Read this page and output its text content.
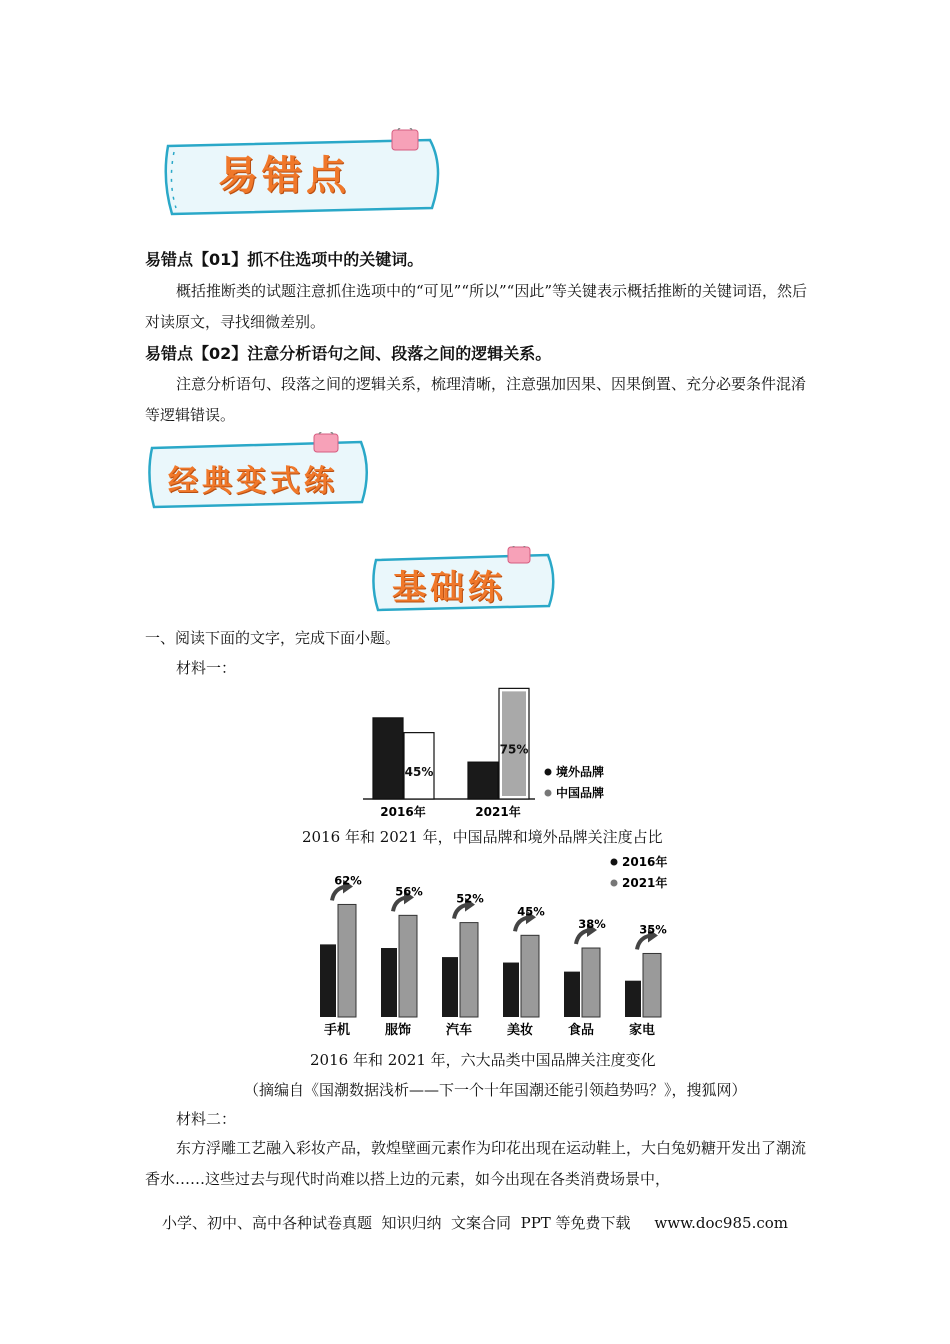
易错点
易错点【01】抓不住选项中的关键词。
概括推断类的试题注意抓住选项中的“可见”“所以”“因此”等关键表示概括推断的关键词语，然后对读原文，寻找细微差别。
易错点【02】注意分析语句之间、段落之间的逻辑关系。
注意分析语句、段落之间的逻辑关系，梳理清晰，注意强加因果、因果倒置、充分必要条件混淆等逻辑错误。
经典变式练
基础练
一、阅读下面的文字，完成下面小题。
材料一：
45%
2016年
75%
2021年
境外品牌
中国品牌
2016 年和 2021 年，中国品牌和境外品牌关注度占比
62%
手机
56%
服饰
52%
汽车
45%
美妆
38%
食品
35%
家电
2016年
2021年
2016 年和 2021 年，六大品类中国品牌关注度变化
（摘编自《国潮数据浅析——下一个十年国潮还能引领趋势吗？》，搜狐网）
材料二：
东方浮雕工艺融入彩妆产品，敦煌壁画元素作为印花出现在运动鞋上，大白兔奶糖开发出了潮流香水……这些过去与现代时尚难以搭上边的元素，如今出现在各类消费场景中，
小学、初中、高中各种试卷真题  知识归纳  文案合同  PPT 等免费下载     www.doc985.com
